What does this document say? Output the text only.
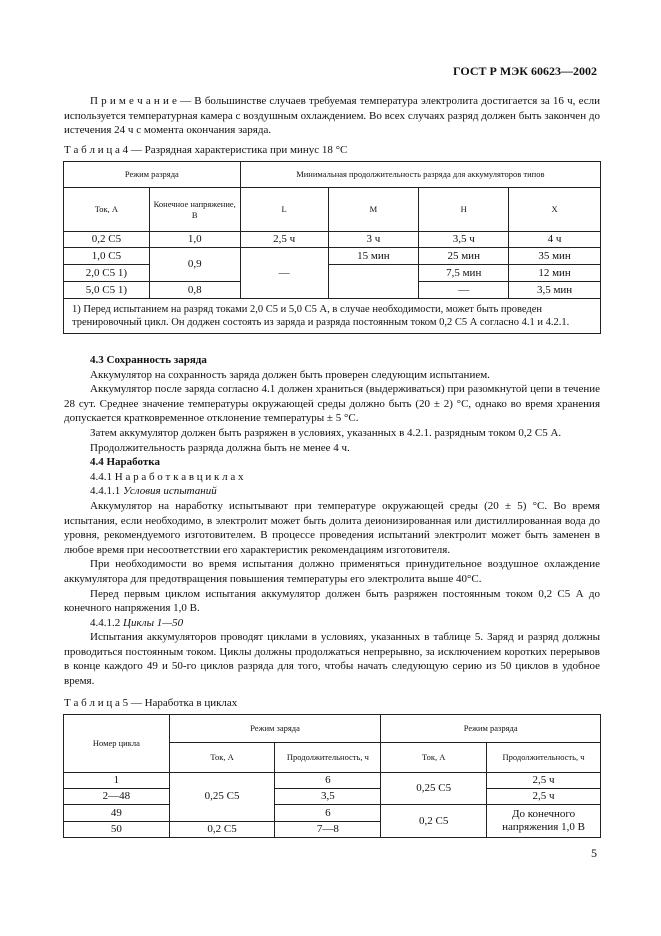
ГОСТ Р МЭК 60623—2002
П р и м е ч а н и е — В большинстве случаев требуемая температура электролита достигается за 16 ч, если используется температурная камера с воздушным охлаждением. Во всех случаях разряд должен быть закончен до истечения 24 ч с момента окончания заряда.
Т а б л и ц а 4 — Разрядная характеристика при минус 18 °С
Режим разряда		Минимальная продолжительность разряда для аккумуляторов типов			
Ток, А	Конечное напряжение, В	L	M	H	X
0,2 C5	1,0	2,5 ч	3 ч	3,5 ч	4 ч
1,0 C5	0,9	—	15 мин	25 мин	35 мин
2,0 C5 1)				7,5 мин	12 мин
5,0 C5 1)	0,8			—	3,5 мин
1) Перед испытанием на разряд токами 2,0 C5 и 5,0 C5 А, в случае необходимости, может быть проведен тренировочный цикл. Он доджен состоять из заряда и разряда постоянным током 0,2 C5 А согласно 4.1 и 4.2.1.					
4.3 Сохранность заряда
Аккумулятор на сохранность заряда должен быть проверен следующим испытанием.
Аккумулятор после заряда согласно 4.1 должен храниться (выдерживаться) при разомкнутой цепи в течение 28 сут. Среднее значение температуры окружающей среды должно быть (20 ± 2) °С, однако во время хранения допускается кратковременное отклонение температуры ± 5 °С.
Затем аккумулятор должен быть разряжен в условиях, указанных в 4.2.1. разрядным током 0,2 C5 А.
Продолжительность разряда должна быть не менее 4 ч.
4.4 Наработка
4.4.1 Н а р а б о т к а в ц и к л а х
4.4.1.1 Условия испытаний
Аккумулятор на наработку испытывают при температуре окружающей среды (20 ± 5) °С. Во время испытания, если необходимо, в электролит может быть долита деионизированная или дистиллированная вода до уровня, рекомендуемого изготовителем. В процессе проведения испытаний электролит может быть заменен в любое время при несоответствии его характеристик рекомендациям изготовителя.
При необходимости во время испытания должно применяться принудительное воздушное охлаждение аккумулятора для предотвращения повышения температуры его электролита выше 40°С.
Перед первым циклом испытания аккумулятор должен быть разряжен постоянным током 0,2 C5 А до конечного напряжения 1,0 В.
4.4.1.2 Циклы 1—50
Испытания аккумуляторов проводят циклами в условиях, указанных в таблице 5. Заряд и разряд должны проводиться постоянным током. Циклы должны продолжаться непрерывно, за исключением коротких перерывов в конце каждого 49 и 50-го циклов разряда для того, чтобы начать следующую серию из 50 циклов в удобное время.
Т а б л и ц а 5 — Наработка в циклах
Номер цикла	Режим заряда		Режим разряда	
	Ток, А	Продолжительность, ч	Ток, А	Продолжительность, ч
1	0,25 C5	6	0,25 C5	2,5 ч
2—48		3,5		2,5 ч
49		6	0,2 C5	До конечного напряжения 1,0 В
50	0,2 C5	7—8		
5
